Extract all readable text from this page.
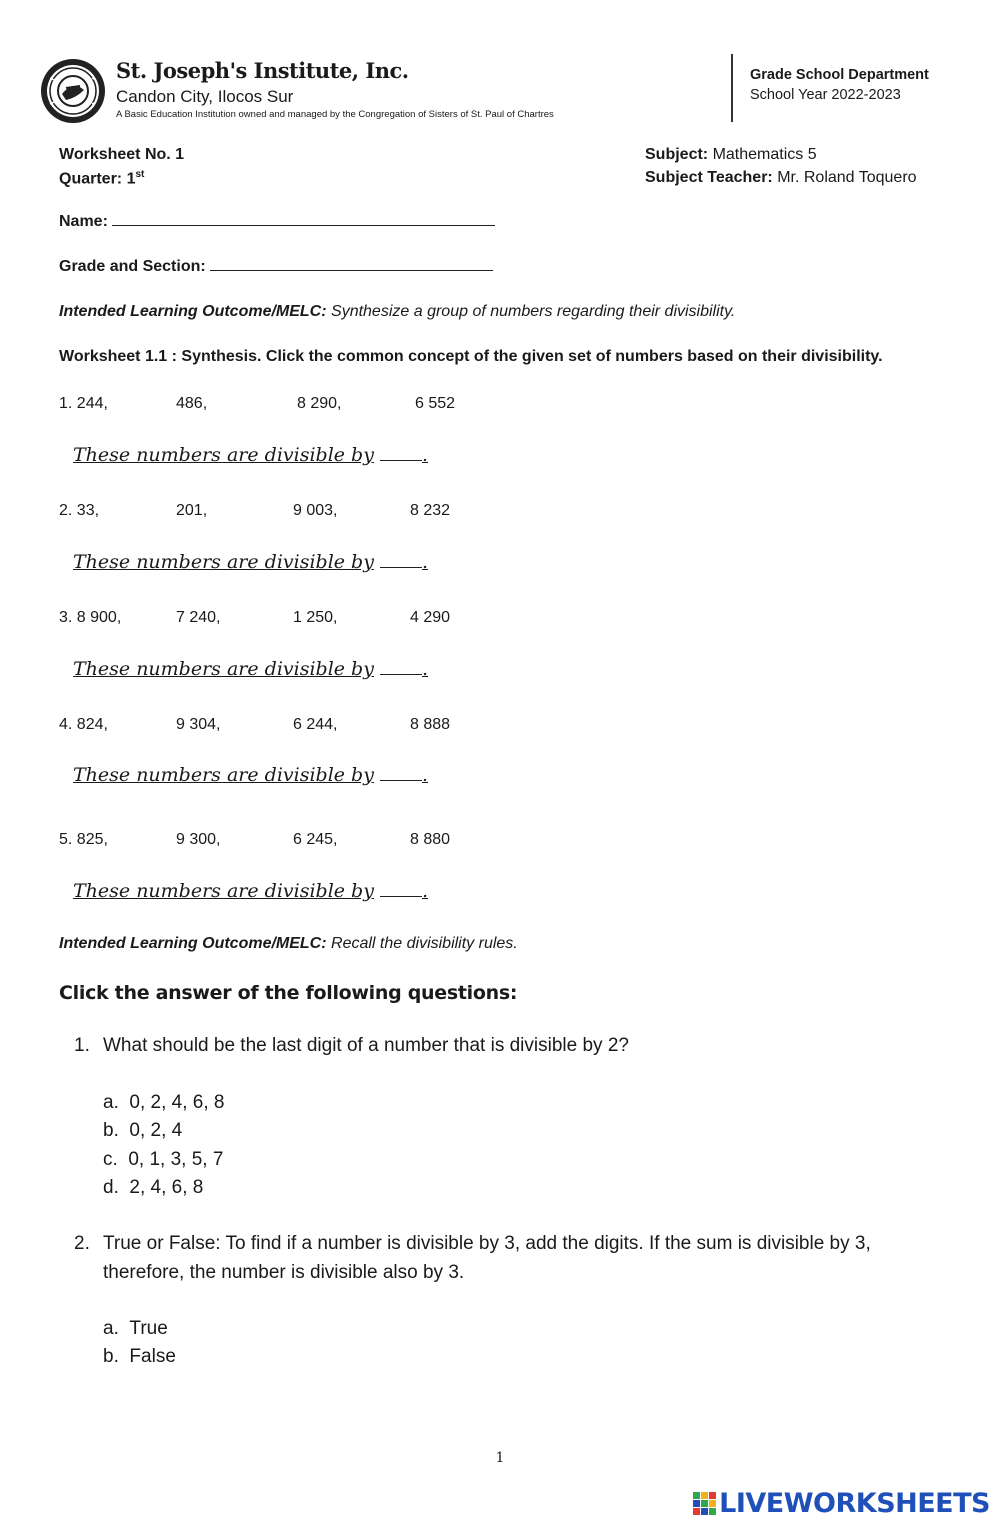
St. Joseph's Institute, Inc.
Candon City, Ilocos Sur
A Basic Education Institution owned and managed by the Congregation of Sisters of St. Paul of Chartres
Grade School Department
School Year 2022-2023
Worksheet No. 1
Quarter: 1st
Subject: Mathematics 5
Subject Teacher: Mr. Roland Toquero
Name:
Grade and Section:
Intended Learning Outcome/MELC: Synthesize a group of numbers regarding their divisibility.
Worksheet 1.1 : Synthesis. Click the common concept of the given set of numbers based on their divisibility.
1. 244,	486,	8 290,	6 552
These numbers are divisible by	.
2. 33,	201,	9 003,	8 232
These numbers are divisible by	.
3. 8 900,	7 240,	1 250,	4 290
These numbers are divisible by	.
4. 824,	9 304,	6 244,	8 888
These numbers are divisible by	.
5. 825,	9 300,	6 245,	8 880
These numbers are divisible by	.
Intended Learning Outcome/MELC: Recall the divisibility rules.
Click the answer of the following questions:
1. What should be the last digit of a number that is divisible by 2?
a. 0, 2, 4, 6, 8
b. 0, 2, 4
c. 0, 1, 3, 5, 7
d. 2, 4, 6, 8
2. True or False: To find if a number is divisible by 3, add the digits. If the sum is divisible by 3,
therefore, the number is divisible also by 3.
a. True
b. False
1
LIVEWORKSHEETS
